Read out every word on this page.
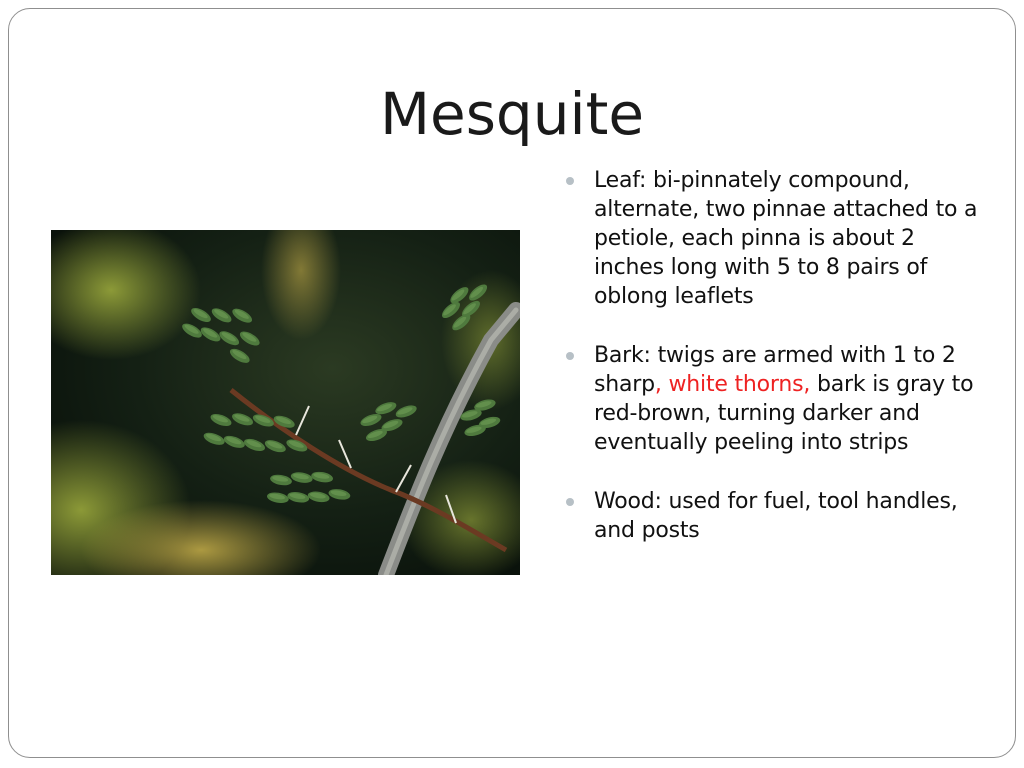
Mesquite
Leaf: bi-pinnately compound, alternate, two pinnae attached to a petiole, each pinna is about 2 inches long with 5 to 8 pairs of oblong leaflets
Bark: twigs are armed with 1 to 2 sharp, white thorns, bark is gray to red-brown, turning darker and eventually peeling into strips
Wood: used for fuel, tool handles, and posts
